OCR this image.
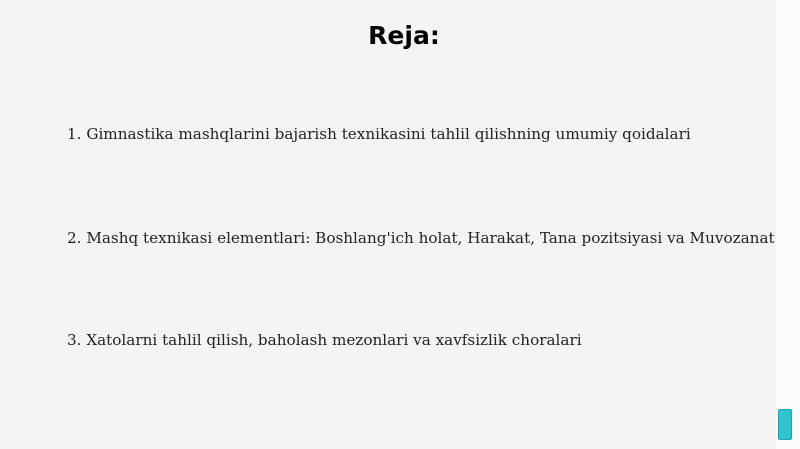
Reja:

1. Gimnastika mashqlarini bajarish texnikasini tahlil qilishning umumiy qoidalari

2. Mashq texnikasi elementlari: Boshlang'ich holat, Harakat, Tana pozitsiyasi va Muvozanat

3. Xatolarni tahlil qilish, baholash mezonlari va xavfsizlik choralari
